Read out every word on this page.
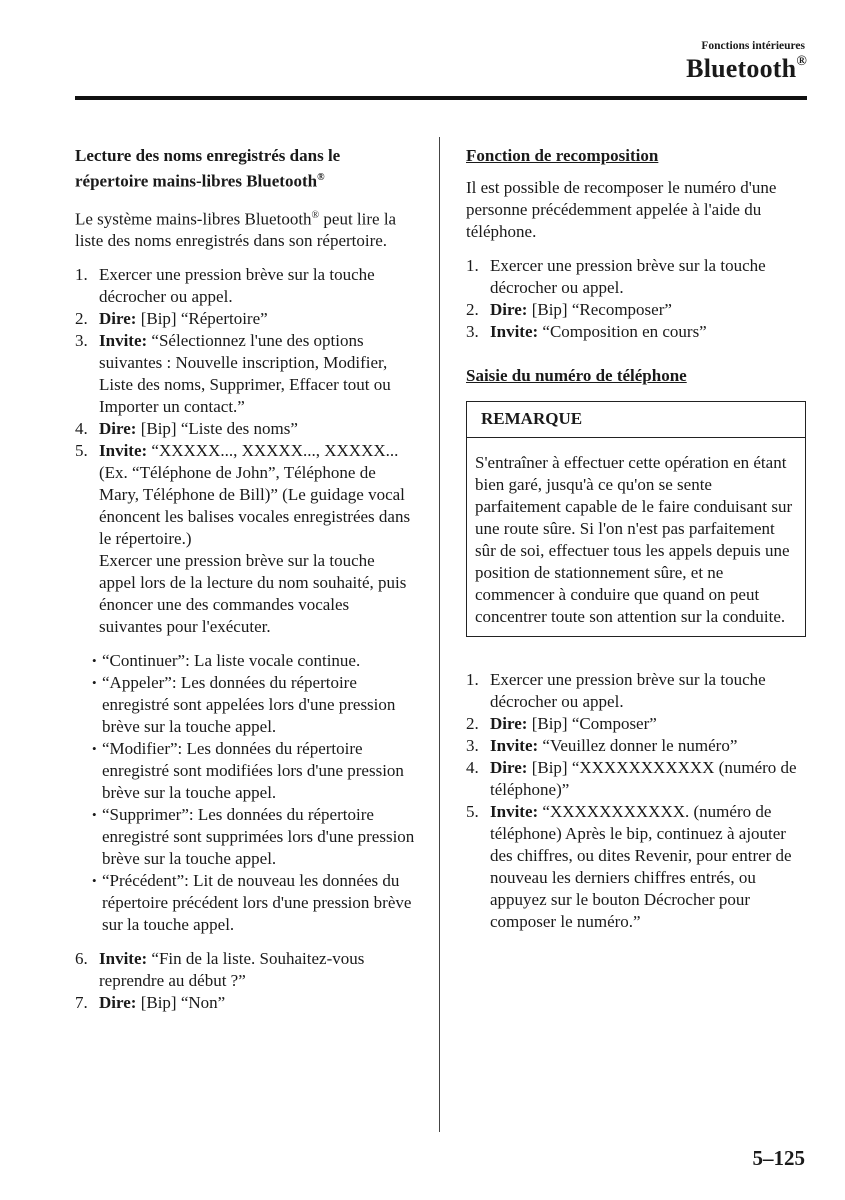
Fonctions intérieures
Bluetooth®
Lecture des noms enregistrés dans le
répertoire mains-libres Bluetooth®

Le système mains-libres Bluetooth® peut lire la liste des noms enregistrés dans son répertoire.

1. Exercer une pression brève sur la touche décrocher ou appel.
2. Dire: [Bip] “Répertoire”
3. Invite: “Sélectionnez l'une des options suivantes : Nouvelle inscription, Modifier, Liste des noms, Supprimer, Effacer tout ou Importer un contact.”
4. Dire: [Bip] “Liste des noms”
5. Invite: “XXXXX..., XXXXX..., XXXXX... (Ex. “Téléphone de John”, Téléphone de Mary, Téléphone de Bill)” (Le guidage vocal énoncent les balises vocales enregistrées dans le répertoire.)
Exercer une pression brève sur la touche appel lors de la lecture du nom souhaité, puis énoncer une des commandes vocales suivantes pour l'exécuter.
• “Continuer”: La liste vocale continue.
• “Appeler”: Les données du répertoire enregistré sont appelées lors d'une pression brève sur la touche appel.
• “Modifier”: Les données du répertoire enregistré sont modifiées lors d'une pression brève sur la touche appel.
• “Supprimer”: Les données du répertoire enregistré sont supprimées lors d'une pression brève sur la touche appel.
• “Précédent”: Lit de nouveau les données du répertoire précédent lors d'une pression brève sur la touche appel.
6. Invite: “Fin de la liste. Souhaitez-vous reprendre au début ?”
7. Dire: [Bip] “Non”
Fonction de recomposition

Il est possible de recomposer le numéro d'une personne précédemment appelée à l'aide du téléphone.

1. Exercer une pression brève sur la touche décrocher ou appel.
2. Dire: [Bip] “Recomposer”
3. Invite: “Composition en cours”
Saisie du numéro de téléphone
REMARQUE
S'entraîner à effectuer cette opération en étant bien garé, jusqu'à ce qu'on se sente parfaitement capable de le faire conduisant sur une route sûre. Si l'on n'est pas parfaitement sûr de soi, effectuer tous les appels depuis une position de stationnement sûre, et ne commencer à conduire que quand on peut concentrer toute son attention sur la conduite.
1. Exercer une pression brève sur la touche décrocher ou appel.
2. Dire: [Bip] “Composer”
3. Invite: “Veuillez donner le numéro”
4. Dire: [Bip] “XXXXXXXXXXX (numéro de téléphone)”
5. Invite: “XXXXXXXXXXX. (numéro de téléphone) Après le bip, continuez à ajouter des chiffres, ou dites Revenir, pour entrer de nouveau les derniers chiffres entrés, ou appuyez sur le bouton Décrocher pour composer le numéro.”
5–125
